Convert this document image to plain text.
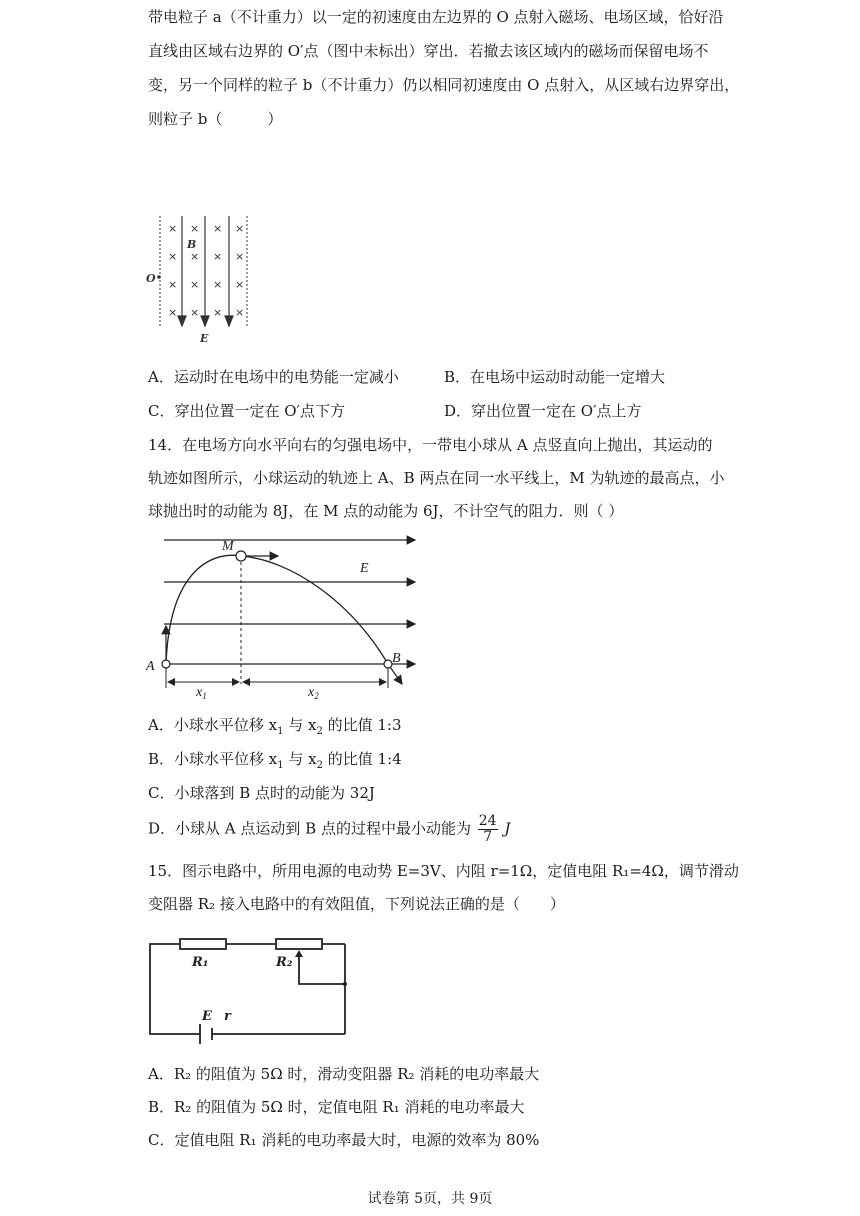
带电粒子 a（不计重力）以一定的初速度由左边界的 O 点射入磁场、电场区域，恰好沿
直线由区域右边界的 O′点（图中未标出）穿出．若撤去该区域内的磁场而保留电场不
变，另一个同样的粒子 b（不计重力）仍以相同初速度由 O 点射入，从区域右边界穿出，
则粒子 b（　　　）
× × × ×
× × × ×
× × × ×
× × × ×
B
O
E
A．运动时在电场中的电势能一定减小	B．在电场中运动时动能一定增大
C．穿出位置一定在 O′点下方	D．穿出位置一定在 O′点上方
14．在电场方向水平向右的匀强电场中，一带电小球从 A 点竖直向上抛出，其运动的
轨迹如图所示，小球运动的轨迹上 A、B 两点在同一水平线上，M 为轨迹的最高点，小
球抛出时的动能为 8J，在 M 点的动能为 6J，不计空气的阻力．则（ ）
M
E
A
B
$x_1$	$x_2$
A．小球水平位移 $x_1$ 与 $x_2$ 的比值 1:3
B．小球水平位移 $x_1$ 与 $x_2$ 的比值 1:4
C．小球落到 B 点时的动能为 32J
D．小球从 A 点运动到 B 点的过程中最小动能为 $\frac{24}{7}$ J
15．图示电路中，所用电源的电动势 E=3V、内阻 r=1Ω，定值电阻 R₁=4Ω，调节滑动
变阻器 R₂ 接入电路中的有效阻值，下列说法正确的是（　　）
R₁	R₂
E r
A．R₂ 的阻值为 5Ω 时，滑动变阻器 R₂ 消耗的电功率最大
B．R₂ 的阻值为 5Ω 时，定值电阻 R₁ 消耗的电功率最大
C．定值电阻 R₁ 消耗的电功率最大时，电源的效率为 80%
试卷第 5页，共 9页
